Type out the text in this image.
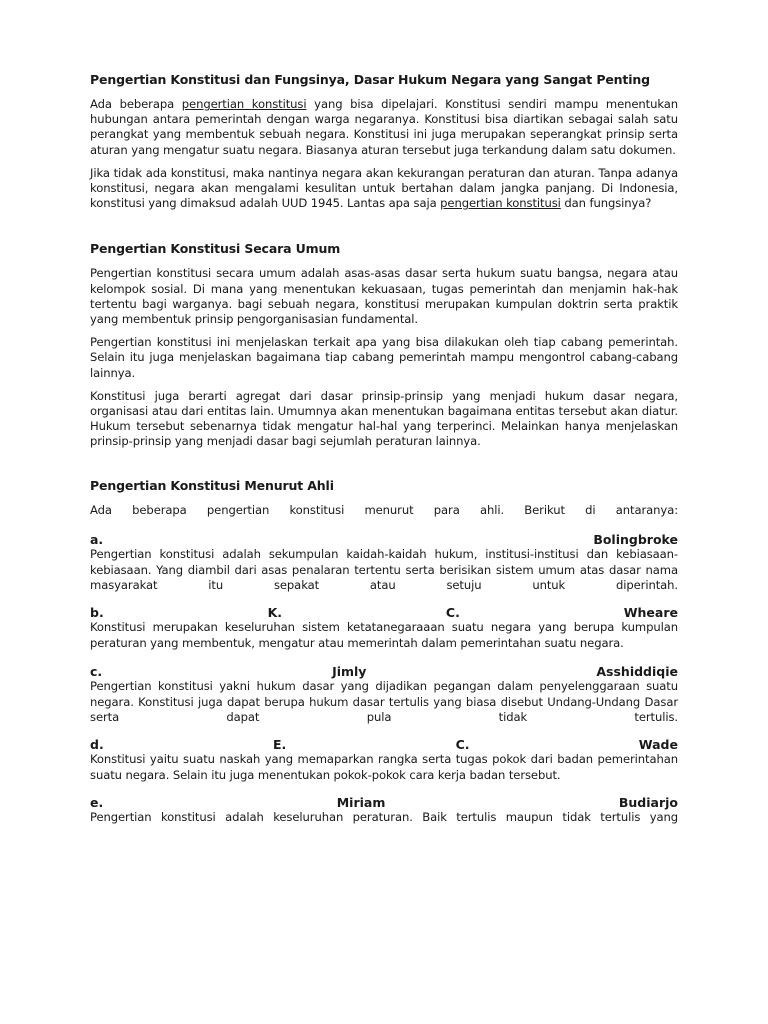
Pengertian Konstitusi dan Fungsinya, Dasar Hukum Negara yang Sangat Penting

Ada beberapa pengertian konstitusi yang bisa dipelajari. Konstitusi sendiri mampu menentukan hubungan antara pemerintah dengan warga negaranya. Konstitusi bisa diartikan sebagai salah satu perangkat yang membentuk sebuah negara. Konstitusi ini juga merupakan seperangkat prinsip serta aturan yang mengatur suatu negara. Biasanya aturan tersebut juga terkandung dalam satu dokumen.

Jika tidak ada konstitusi, maka nantinya negara akan kekurangan peraturan dan aturan. Tanpa adanya konstitusi, negara akan mengalami kesulitan untuk bertahan dalam jangka panjang. Di Indonesia, konstitusi yang dimaksud adalah UUD 1945. Lantas apa saja pengertian konstitusi dan fungsinya?

Pengertian Konstitusi Secara Umum

Pengertian konstitusi secara umum adalah asas-asas dasar serta hukum suatu bangsa, negara atau kelompok sosial. Di mana yang menentukan kekuasaan, tugas pemerintah dan menjamin hak-hak tertentu bagi warganya. bagi sebuah negara, konstitusi merupakan kumpulan doktrin serta praktik yang membentuk prinsip pengorganisasian fundamental.

Pengertian konstitusi ini menjelaskan terkait apa yang bisa dilakukan oleh tiap cabang pemerintah. Selain itu juga menjelaskan bagaimana tiap cabang pemerintah mampu mengontrol cabang-cabang lainnya.

Konstitusi juga berarti agregat dari dasar prinsip-prinsip yang menjadi hukum dasar negara, organisasi atau dari entitas lain. Umumnya akan menentukan bagaimana entitas tersebut akan diatur. Hukum tersebut sebenarnya tidak mengatur hal-hal yang terperinci. Melainkan hanya menjelaskan prinsip-prinsip yang menjadi dasar bagi sejumlah peraturan lainnya.

Pengertian Konstitusi Menurut Ahli

Ada beberapa pengertian konstitusi menurut para ahli. Berikut di antaranya:

a.	Bolingbroke

Pengertian konstitusi adalah sekumpulan kaidah-kaidah hukum, institusi-institusi dan kebiasaan-kebiasaan. Yang diambil dari asas penalaran tertentu serta berisikan sistem umum atas dasar nama masyarakat itu sepakat atau setuju untuk diperintah.

b.	K.	C.	Wheare

Konstitusi merupakan keseluruhan sistem ketatanegaraaan suatu negara yang berupa kumpulan peraturan yang membentuk, mengatur atau memerintah dalam pemerintahan suatu negara.

c.	Jimly	Asshiddiqie

Pengertian konstitusi yakni hukum dasar yang dijadikan pegangan dalam penyelenggaraan suatu negara. Konstitusi juga dapat berupa hukum dasar tertulis yang biasa disebut Undang-Undang Dasar serta dapat pula tidak tertulis.

d.	E.	C.	Wade

Konstitusi yaitu suatu naskah yang memaparkan rangka serta tugas pokok dari badan pemerintahan suatu negara. Selain itu juga menentukan pokok-pokok cara kerja badan tersebut.

e.	Miriam	Budiarjo

Pengertian konstitusi adalah keseluruhan peraturan. Baik tertulis maupun tidak tertulis yang
